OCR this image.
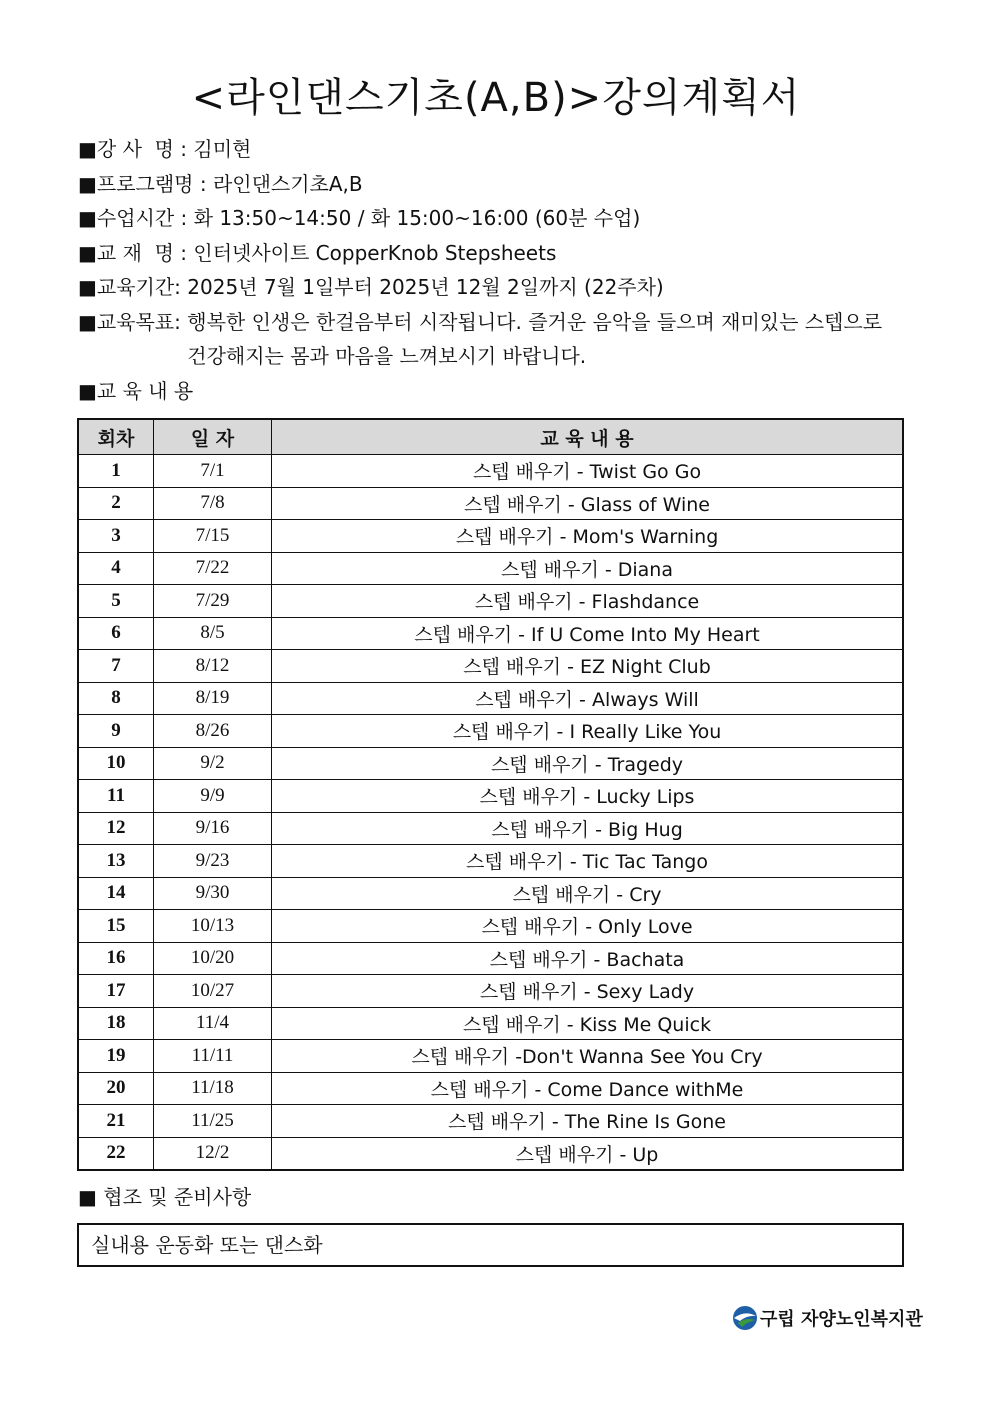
<라인댄스기초(A,B)>강의계획서
■강 사  명 : 김미현
■프로그램명 : 라인댄스기초A,B
■수업시간 : 화 13:50~14:50 / 화 15:00~16:00 (60분 수업)
■교 재  명 : 인터넷사이트 CopperKnob Stepsheets
■교육기간: 2025년 7월 1일부터 2025년 12월 2일까지 (22주차)
■교육목표: 행복한 인생은 한걸음부터 시작됩니다. 즐거운 음악을 들으며 재미있는 스텝으로 건강해지는 몸과 마음을 느껴보시기 바랍니다.
■교 육 내 용
회차	일 자	교 육 내 용
1	7/1	스텝 배우기 - Twist Go Go
2	7/8	스텝 배우기 - Glass of Wine
3	7/15	스텝 배우기 - Mom's Warning
4	7/22	스텝 배우기 - Diana
5	7/29	스텝 배우기 - Flashdance
6	8/5	스텝 배우기 - If U Come Into My Heart
7	8/12	스텝 배우기 - EZ Night Club
8	8/19	스텝 배우기 - Always Will
9	8/26	스텝 배우기 - I Really Like You
10	9/2	스텝 배우기 - Tragedy
11	9/9	스텝 배우기 - Lucky Lips
12	9/16	스텝 배우기 - Big Hug
13	9/23	스텝 배우기 - Tic Tac Tango
14	9/30	스텝 배우기 - Cry
15	10/13	스텝 배우기 - Only Love
16	10/20	스텝 배우기 - Bachata
17	10/27	스텝 배우기 - Sexy Lady
18	11/4	스텝 배우기 - Kiss Me Quick
19	11/11	스텝 배우기 -Don't Wanna See You Cry
20	11/18	스텝 배우기 - Come Dance withMe
21	11/25	스텝 배우기 - The Rine Is Gone
22	12/2	스텝 배우기 - Up
■ 협조 및 준비사항
실내용 운동화 또는 댄스화
구립 자양노인복지관
